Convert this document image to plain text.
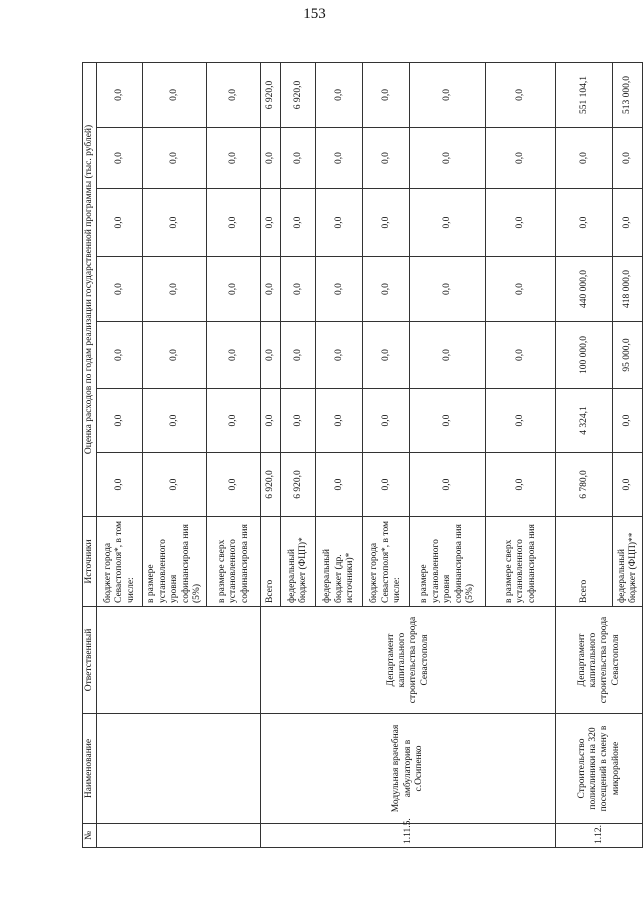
153
№	Наименование	Ответственный	Источники	Оценка расходов по годам реализации государственной программы (тыс. рублей)						
			бюджет города Севастополя*, в том числе:	0,0	0,0	0,0	0,0	0,0	0,0	0,0
			в размере установленного уровня софинансирова ния (5%)	0,0	0,0	0,0	0,0	0,0	0,0	0,0
			в размере сверх установленного софинансирова ния	0,0	0,0	0,0	0,0	0,0	0,0	0,0
1.11.5.	Модульная врачебная амбулатория в с.Осипенко	Департамент капитального строительства города Севастополя	Всего	6 920,0	0,0	0,0	0,0	0,0	0,0	6 920,0
			федеральный бюджет (ФЦП)*	6 920,0	0,0	0,0	0,0	0,0	0,0	6 920,0
			федеральный бюджет (др. источники)*	0,0	0,0	0,0	0,0	0,0	0,0	0,0
			бюджет города Севастополя*, в том числе:	0,0	0,0	0,0	0,0	0,0	0,0	0,0
			в размере установленного уровня софинансирова ния (5%)	0,0	0,0	0,0	0,0	0,0	0,0	0,0
			в размере сверх установленного софинансирова ния	0,0	0,0	0,0	0,0	0,0	0,0	0,0
1.12.	Строительство поликлиники на 320 посещений в смену в микрорайоне	Департамент капитального строительства города Севастополя	Всего	6 780,0	4 324,1	100 000,0	440 000,0	0,0	0,0	551 104,1
			федеральный бюджет (ФЦП)**	0,0	0,0	95 000,0	418 000,0	0,0	0,0	513 000,0
